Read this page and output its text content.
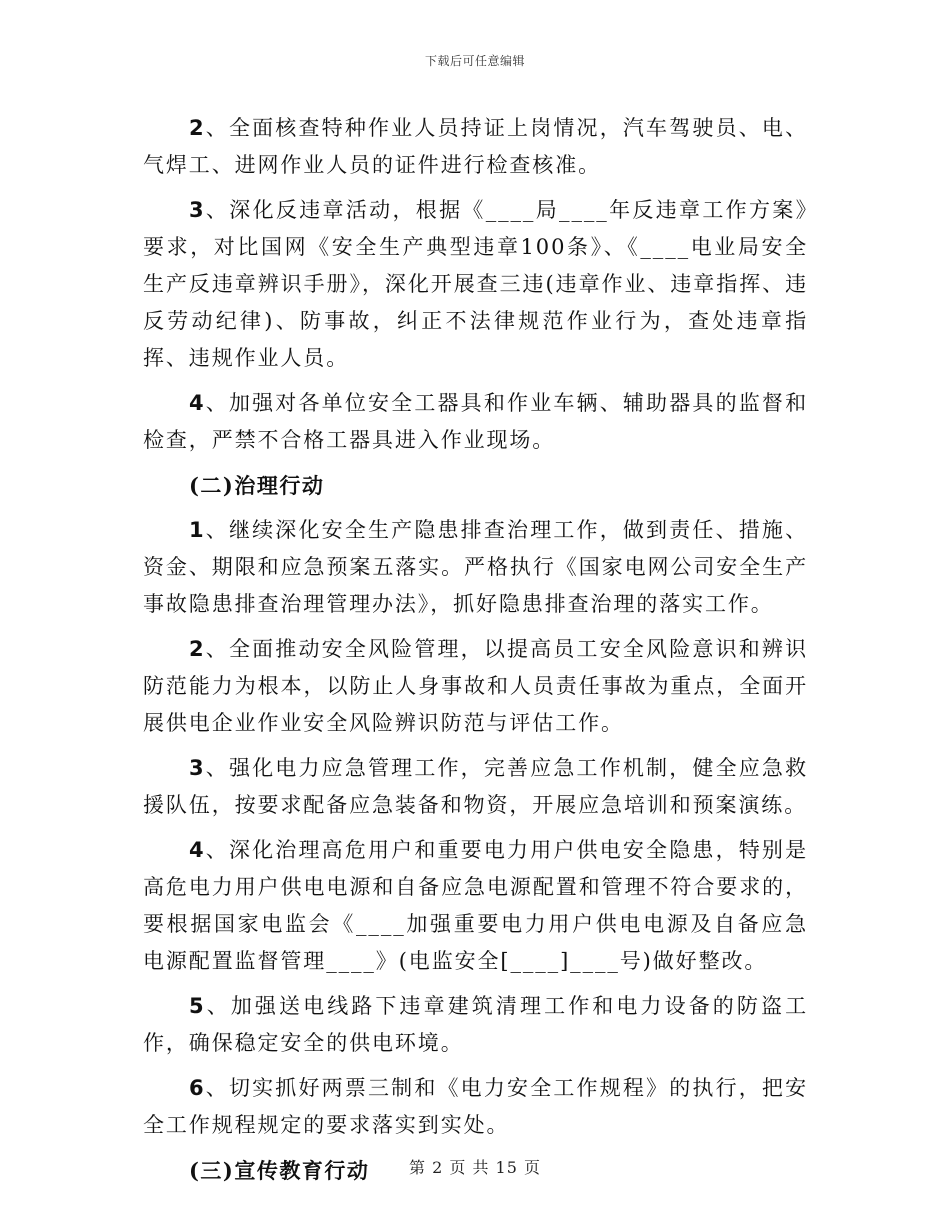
下载后可任意编辑

2、全面核查特种作业人员持证上岗情况，汽车驾驶员、电、气焊工、进网作业人员的证件进行检查核准。

3、深化反违章活动，根据《____局____年反违章工作方案》要求，对比国网《安全生产典型违章100条》、《____电业局安全生产反违章辨识手册》，深化开展查三违(违章作业、违章指挥、违反劳动纪律)、防事故，纠正不法律规范作业行为，查处违章指挥、违规作业人员。

4、加强对各单位安全工器具和作业车辆、辅助器具的监督和检查，严禁不合格工器具进入作业现场。

(二)治理行动

1、继续深化安全生产隐患排查治理工作，做到责任、措施、资金、期限和应急预案五落实。严格执行《国家电网公司安全生产事故隐患排查治理管理办法》，抓好隐患排查治理的落实工作。

2、全面推动安全风险管理，以提高员工安全风险意识和辨识防范能力为根本，以防止人身事故和人员责任事故为重点，全面开展供电企业作业安全风险辨识防范与评估工作。

3、强化电力应急管理工作，完善应急工作机制，健全应急救援队伍，按要求配备应急装备和物资，开展应急培训和预案演练。

4、深化治理高危用户和重要电力用户供电安全隐患，特别是高危电力用户供电电源和自备应急电源配置和管理不符合要求的，要根据国家电监会《____加强重要电力用户供电电源及自备应急电源配置监督管理____》(电监安全[____]____号)做好整改。

5、加强送电线路下违章建筑清理工作和电力设备的防盗工作，确保稳定安全的供电环境。

6、切实抓好两票三制和《电力安全工作规程》的执行，把安全工作规程规定的要求落实到实处。

(三)宣传教育行动	第 2 页 共 15 页
